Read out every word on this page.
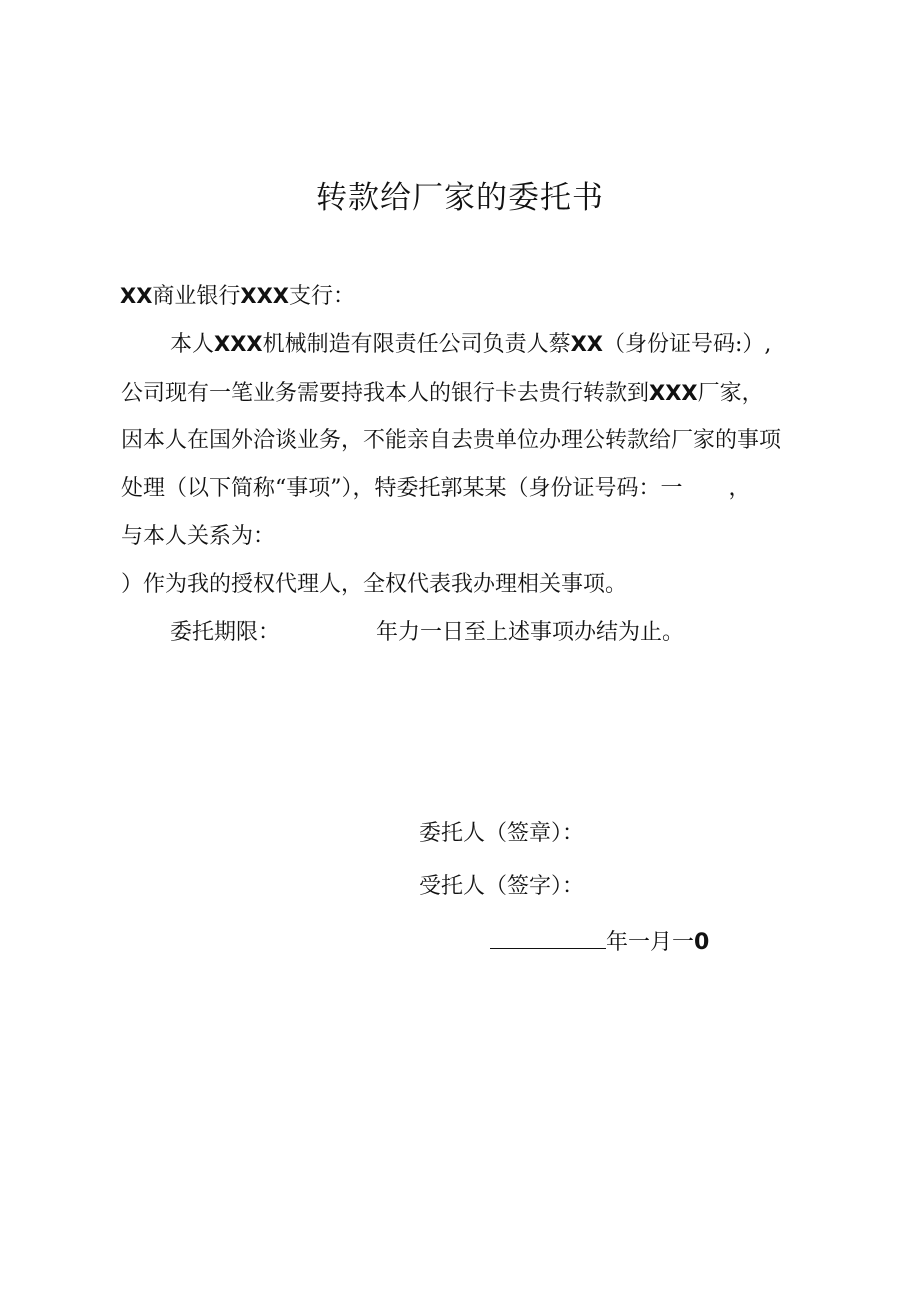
转款给厂家的委托书
XX商业银行XXX支行：
本人XXX机械制造有限责任公司负责人蔡XX（身份证号码:）,
公司现有一笔业务需要持我本人的银行卡去贵行转款到XXX厂家，
因本人在国外洽谈业务，不能亲自去贵单位办理公转款给厂家的事项
处理（以下简称“事项”），特委托郭某某（身份证号码：一 ，
与本人关系为：
）作为我的授权代理人，全权代表我办理相关事项。
委托期限：	年力一日至上述事项办结为止。
委托人（签章）：
受托人（签字）：
年一月一0
